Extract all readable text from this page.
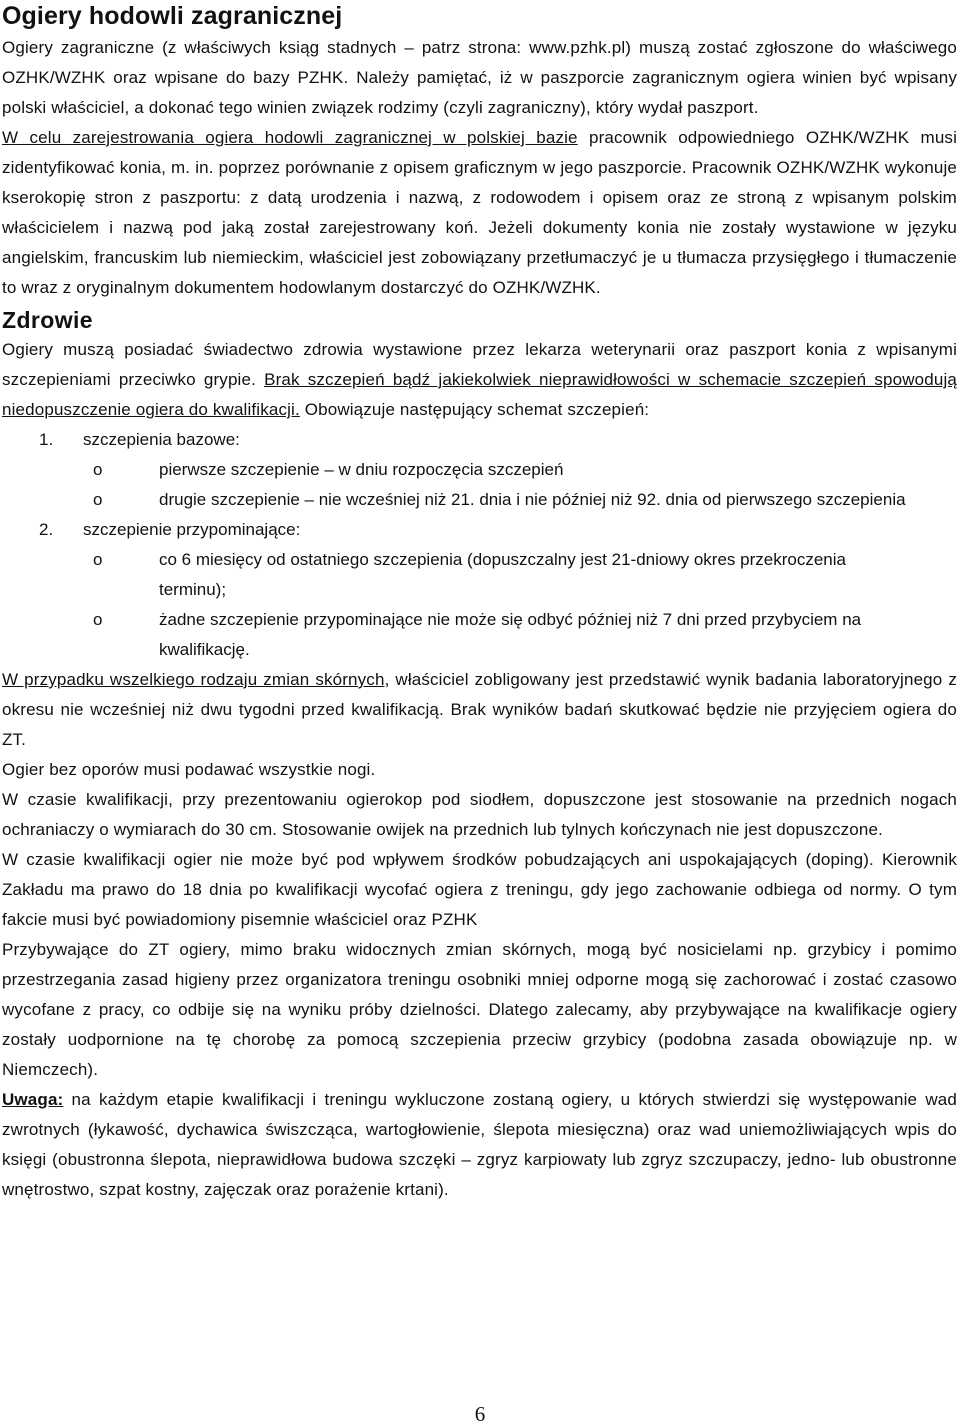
Ogiery hodowli zagranicznej

Ogiery zagraniczne (z właściwych ksiąg stadnych – patrz strona: www.pzhk.pl) muszą zostać zgłoszone do właściwego OZHK/WZHK oraz wpisane do bazy PZHK. Należy pamiętać, iż w paszporcie zagranicznym ogiera winien być wpisany polski właściciel, a dokonać tego winien związek rodzimy (czyli zagraniczny), który wydał paszport.

W celu zarejestrowania ogiera hodowli zagranicznej w polskiej bazie pracownik odpowiedniego OZHK/WZHK musi zidentyfikować konia, m. in. poprzez porównanie z opisem graficznym w jego paszporcie. Pracownik OZHK/WZHK wykonuje kserokopię stron z paszportu: z datą urodzenia i nazwą, z rodowodem i opisem oraz ze stroną z wpisanym polskim właścicielem i nazwą pod jaką został zarejestrowany koń. Jeżeli dokumenty konia nie zostały wystawione w języku angielskim, francuskim lub niemieckim, właściciel jest zobowiązany przetłumaczyć je u tłumacza przysięgłego i tłumaczenie to wraz z oryginalnym dokumentem hodowlanym dostarczyć do OZHK/WZHK.

Zdrowie

Ogiery muszą posiadać świadectwo zdrowia wystawione przez lekarza weterynarii oraz paszport konia z wpisanymi szczepieniami przeciwko grypie. Brak szczepień bądź jakiekolwiek nieprawidłowości w schemacie szczepień spowodują niedopuszczenie ogiera do kwalifikacji. Obowiązuje następujący schemat szczepień:

1. szczepienia bazowe:
o	pierwsze szczepienie – w dniu rozpoczęcia szczepień
o	drugie szczepienie – nie wcześniej niż 21. dnia i nie później niż 92. dnia od pierwszego szczepienia
2. szczepienie przypominające:
o	co 6 miesięcy od ostatniego szczepienia (dopuszczalny jest 21-dniowy okres przekroczenia terminu);
o	żadne szczepienie przypominające nie może się odbyć później niż 7 dni przed przybyciem na kwalifikację.

W przypadku wszelkiego rodzaju zmian skórnych, właściciel zobligowany jest przedstawić wynik badania laboratoryjnego z okresu nie wcześniej niż dwu tygodni przed kwalifikacją. Brak wyników badań skutkować będzie nie przyjęciem ogiera do ZT.

Ogier bez oporów musi podawać wszystkie nogi.

W czasie kwalifikacji, przy prezentowaniu ogierokop pod siodłem, dopuszczone jest stosowanie na przednich nogach ochraniaczy o wymiarach do 30 cm. Stosowanie owijek na przednich lub tylnych kończynach nie jest dopuszczone.

W czasie kwalifikacji ogier nie może być pod wpływem środków pobudzających ani uspokajających (doping). Kierownik Zakładu ma prawo do 18 dnia po kwalifikacji wycofać ogiera z treningu, gdy jego zachowanie odbiega od normy. O tym fakcie musi być powiadomiony pisemnie właściciel oraz PZHK

Przybywające do ZT ogiery, mimo braku widocznych zmian skórnych, mogą być nosicielami np. grzybicy i pomimo przestrzegania zasad higieny przez organizatora treningu osobniki mniej odporne mogą się zachorować i zostać czasowo wycofane z pracy, co odbije się na wyniku próby dzielności. Dlatego zalecamy, aby przybywające na kwalifikacje ogiery zostały uodpornione na tę chorobę za pomocą szczepienia przeciw grzybicy (podobna zasada obowiązuje np. w Niemczech).

Uwaga: na każdym etapie kwalifikacji i treningu wykluczone zostaną ogiery, u których stwierdzi się występowanie wad zwrotnych (łykawość, dychawica świszcząca, wartogłowienie, ślepota miesięczna) oraz wad uniemożliwiających wpis do księgi (obustronna ślepota, nieprawidłowa budowa szczęki – zgryz karpiowaty lub zgryz szczupaczy, jedno- lub obustronne wnętrostwo, szpat kostny, zajęczak oraz porażenie krtani).

6
